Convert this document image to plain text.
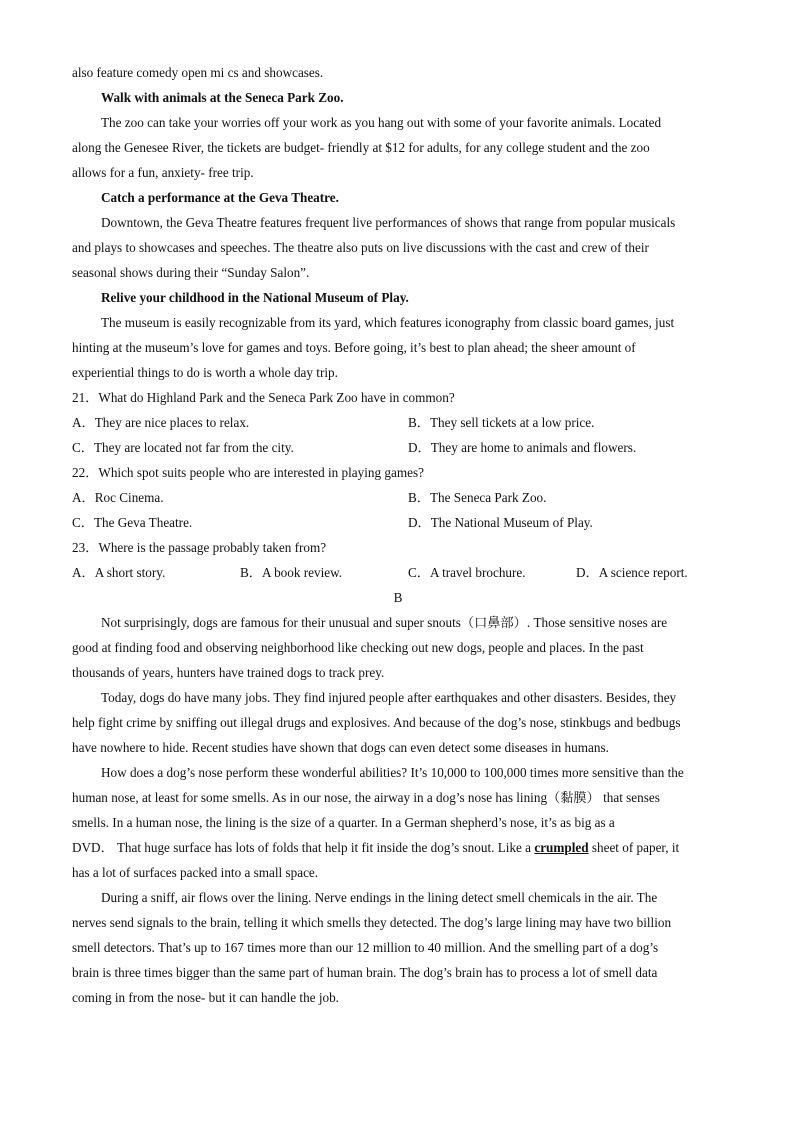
also feature comedy open mi cs and showcases.
Walk with animals at the Seneca Park Zoo.
The zoo can take your worries off your work as you hang out with some of your favorite animals. Located
along the Genesee River, the tickets are budget- friendly at $12 for adults, for any college student and the zoo
allows for a fun, anxiety- free trip.
Catch a performance at the Geva Theatre.
Downtown, the Geva Theatre features frequent live performances of shows that range from popular musicals
and plays to showcases and speeches. The theatre also puts on live discussions with the cast and crew of their
seasonal shows during their “Sunday Salon”.
Relive your childhood in the National Museum of Play.
The museum is easily recognizable from its yard, which features iconography from classic board games, just
hinting at the museum’s love for games and toys. Before going, it’s best to plan ahead; the sheer amount of
experiential things to do is worth a whole day trip.
21．What do Highland Park and the Seneca Park Zoo have in common?
A．They are nice places to relax.	B．They sell tickets at a low price.
C．They are located not far from the city.	D．They are home to animals and flowers.
22．Which spot suits people who are interested in playing games?
A．Roc Cinema.	B．The Seneca Park Zoo.
C．The Geva Theatre.	D．The National Museum of Play.
23．Where is the passage probably taken from?
A．A short story.	B．A book review.	C．A travel brochure.	D．A science report.
B
Not surprisingly, dogs are famous for their unusual and super snouts（口鼻部）. Those sensitive noses are
good at finding food and observing neighborhood like checking out new dogs, people and places. In the past
thousands of years, hunters have trained dogs to track prey.
Today, dogs do have many jobs. They find injured people after earthquakes and other disasters. Besides, they
help fight crime by sniffing out illegal drugs and explosives. And because of the dog’s nose, stinkbugs and bedbugs
have nowhere to hide. Recent studies have shown that dogs can even detect some diseases in humans.
How does a dog’s nose perform these wonderful abilities? It’s 10,000 to 100,000 times more sensitive than the
human nose, at least for some smells. As in our nose, the airway in a dog’s nose has lining（黏膜） that senses
smells. In a human nose, the lining is the size of a quarter. In a German shepherd’s nose, it’s as big as a
DVD． That huge surface has lots of folds that help it fit inside the dog’s snout. Like a crumpled sheet of paper, it
has a lot of surfaces packed into a small space.
During a sniff, air flows over the lining. Nerve endings in the lining detect smell chemicals in the air. The
nerves send signals to the brain, telling it which smells they detected. The dog’s large lining may have two billion
smell detectors. That’s up to 167 times more than our 12 million to 40 million. And the smelling part of a dog’s
brain is three times bigger than the same part of human brain. The dog’s brain has to process a lot of smell data
coming in from the nose- but it can handle the job.
